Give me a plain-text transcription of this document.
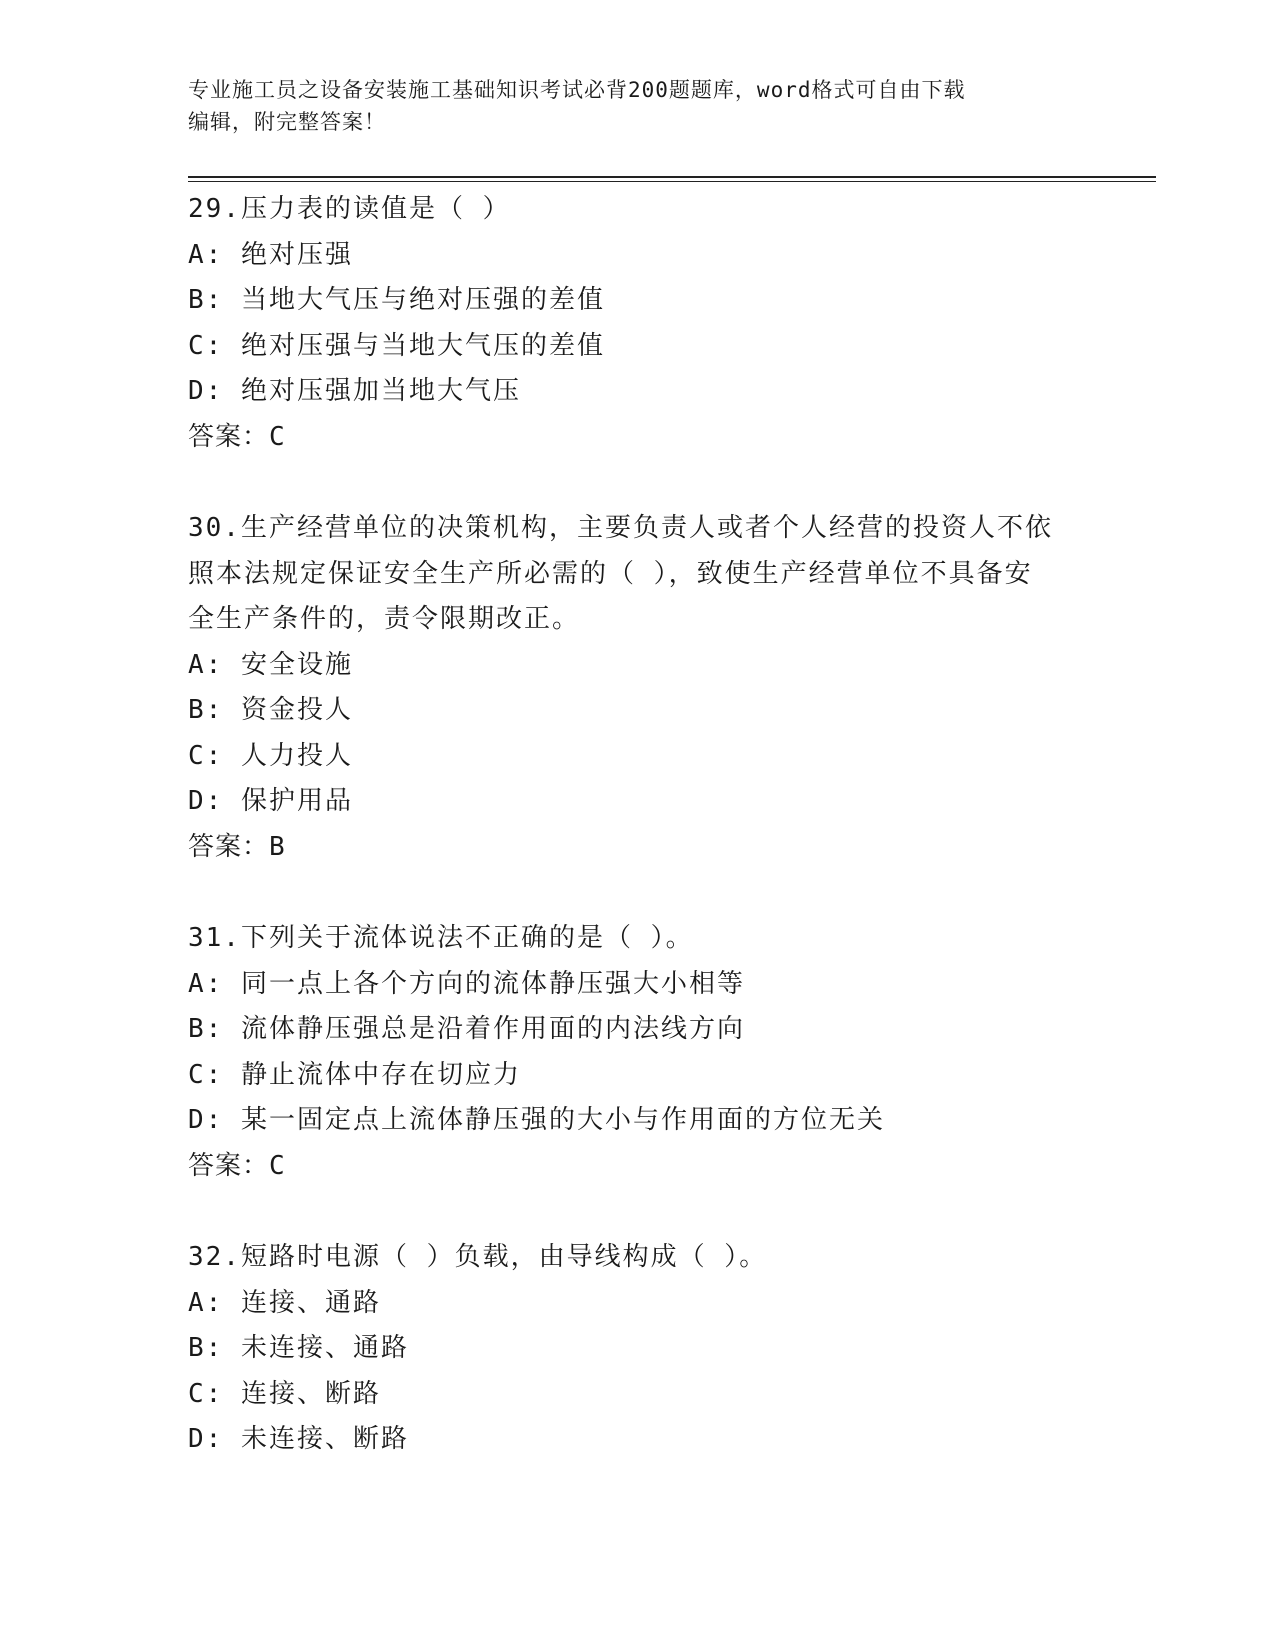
专业施工员之设备安装施工基础知识考试必背200题题库，word格式可自由下载
编辑，附完整答案！

29.压力表的读值是（ ）

A: 绝对压强

B: 当地大气压与绝对压强的差值

C: 绝对压强与当地大气压的差值

D: 绝对压强加当地大气压

答案：C

30.生产经营单位的决策机构，主要负责人或者个人经营的投资人不依

照本法规定保证安全生产所必需的（ ），致使生产经营单位不具备安

全生产条件的，责令限期改正。

A: 安全设施

B: 资金投人

C: 人力投人

D: 保护用品

答案：B

31.下列关于流体说法不正确的是（ ）。

A: 同一点上各个方向的流体静压强大小相等

B: 流体静压强总是沿着作用面的内法线方向

C: 静止流体中存在切应力

D: 某一固定点上流体静压强的大小与作用面的方位无关

答案：C

32.短路时电源（ ）负载，由导线构成（ ）。

A: 连接、通路

B: 未连接、通路

C: 连接、断路

D: 未连接、断路
